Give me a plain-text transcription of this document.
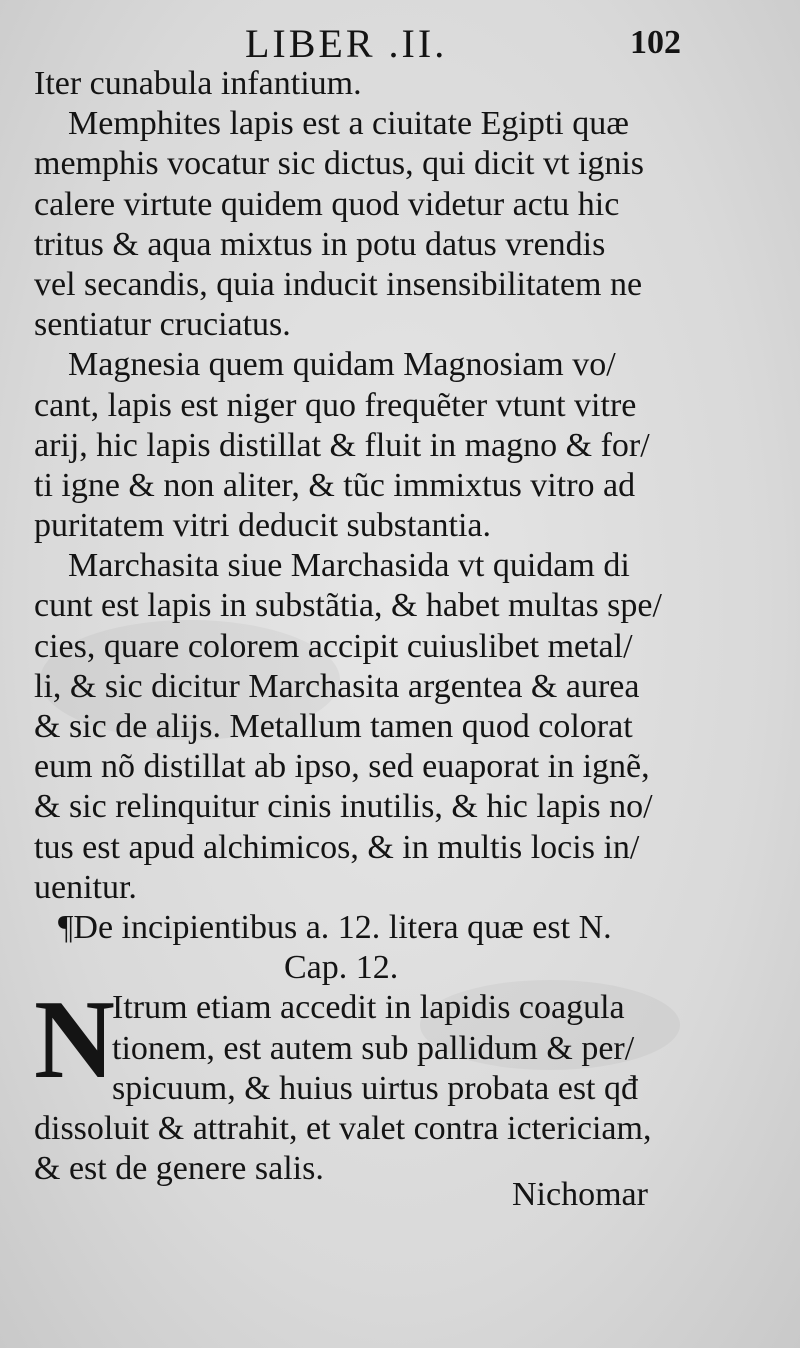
LIBER .II.	102
Iter cunabula infantium.
Memphites lapis est a ciuitate Egipti quæ
memphis vocatur sic dictus, qui dicit vt ignis
calere virtute quidem quod videtur actu hic
tritus & aqua mixtus in potu datus vrendis
vel secandis, quia inducit insensibilitatem ne
sentiatur cruciatus.
Magnesia quem quidam Magnosiam vo/
cant, lapis est niger quo frequẽter vtunt vitre
arij, hic lapis distillat & fluit in magno & for/
ti igne & non aliter, & tũc immixtus vitro ad
puritatem vitri deducit substantia.
Marchasita siue Marchasida vt quidam di
cunt est lapis in substãtia, & habet multas spe/
cies, quare colorem accipit cuiuslibet metal/
li, & sic dicitur Marchasita argentea & aurea
& sic de alijs. Metallum tamen quod colorat
eum nõ distillat ab ipso, sed euaporat in ignẽ,
& sic relinquitur cinis inutilis, & hic lapis no/
tus est apud alchimicos, & in multis locis in/
uenitur.
¶De incipientibus a. 12. litera quæ est N.
Cap. 12.
N
Itrum etiam accedit in lapidis coagula
tionem, est autem sub pallidum & per/
spicuum, & huius uirtus probata est qđ
dissoluit & attrahit, et valet contra ictericiam,
& est de genere salis.
Nichomar
